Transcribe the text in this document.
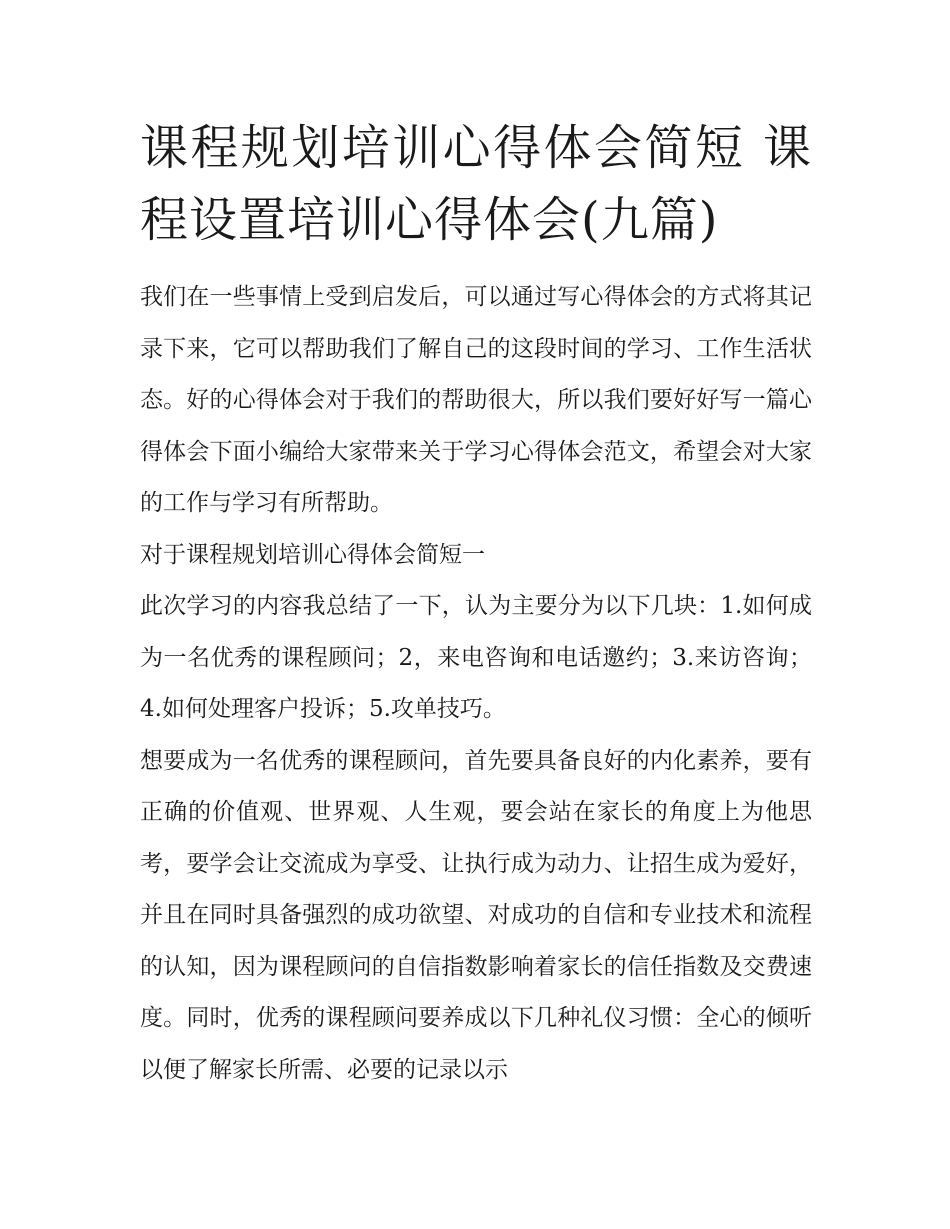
课程规划培训心得体会简短 课程设置培训心得体会(九篇)

我们在一些事情上受到启发后，可以通过写心得体会的方式将其记录下来，它可以帮助我们了解自己的这段时间的学习、工作生活状态。好的心得体会对于我们的帮助很大，所以我们要好好写一篇心得体会下面小编给大家带来关于学习心得体会范文，希望会对大家的工作与学习有所帮助。

对于课程规划培训心得体会简短一

此次学习的内容我总结了一下，认为主要分为以下几块：1.如何成为一名优秀的课程顾问；2，来电咨询和电话邀约；3.来访咨询；4.如何处理客户投诉；5.攻单技巧。

想要成为一名优秀的课程顾问，首先要具备良好的内化素养，要有正确的价值观、世界观、人生观，要会站在家长的角度上为他思考，要学会让交流成为享受、让执行成为动力、让招生成为爱好，并且在同时具备强烈的成功欲望、对成功的自信和专业技术和流程的认知，因为课程顾问的自信指数影响着家长的信任指数及交费速度。同时，优秀的课程顾问要养成以下几种礼仪习惯：全心的倾听以便了解家长所需、必要的记录以示
